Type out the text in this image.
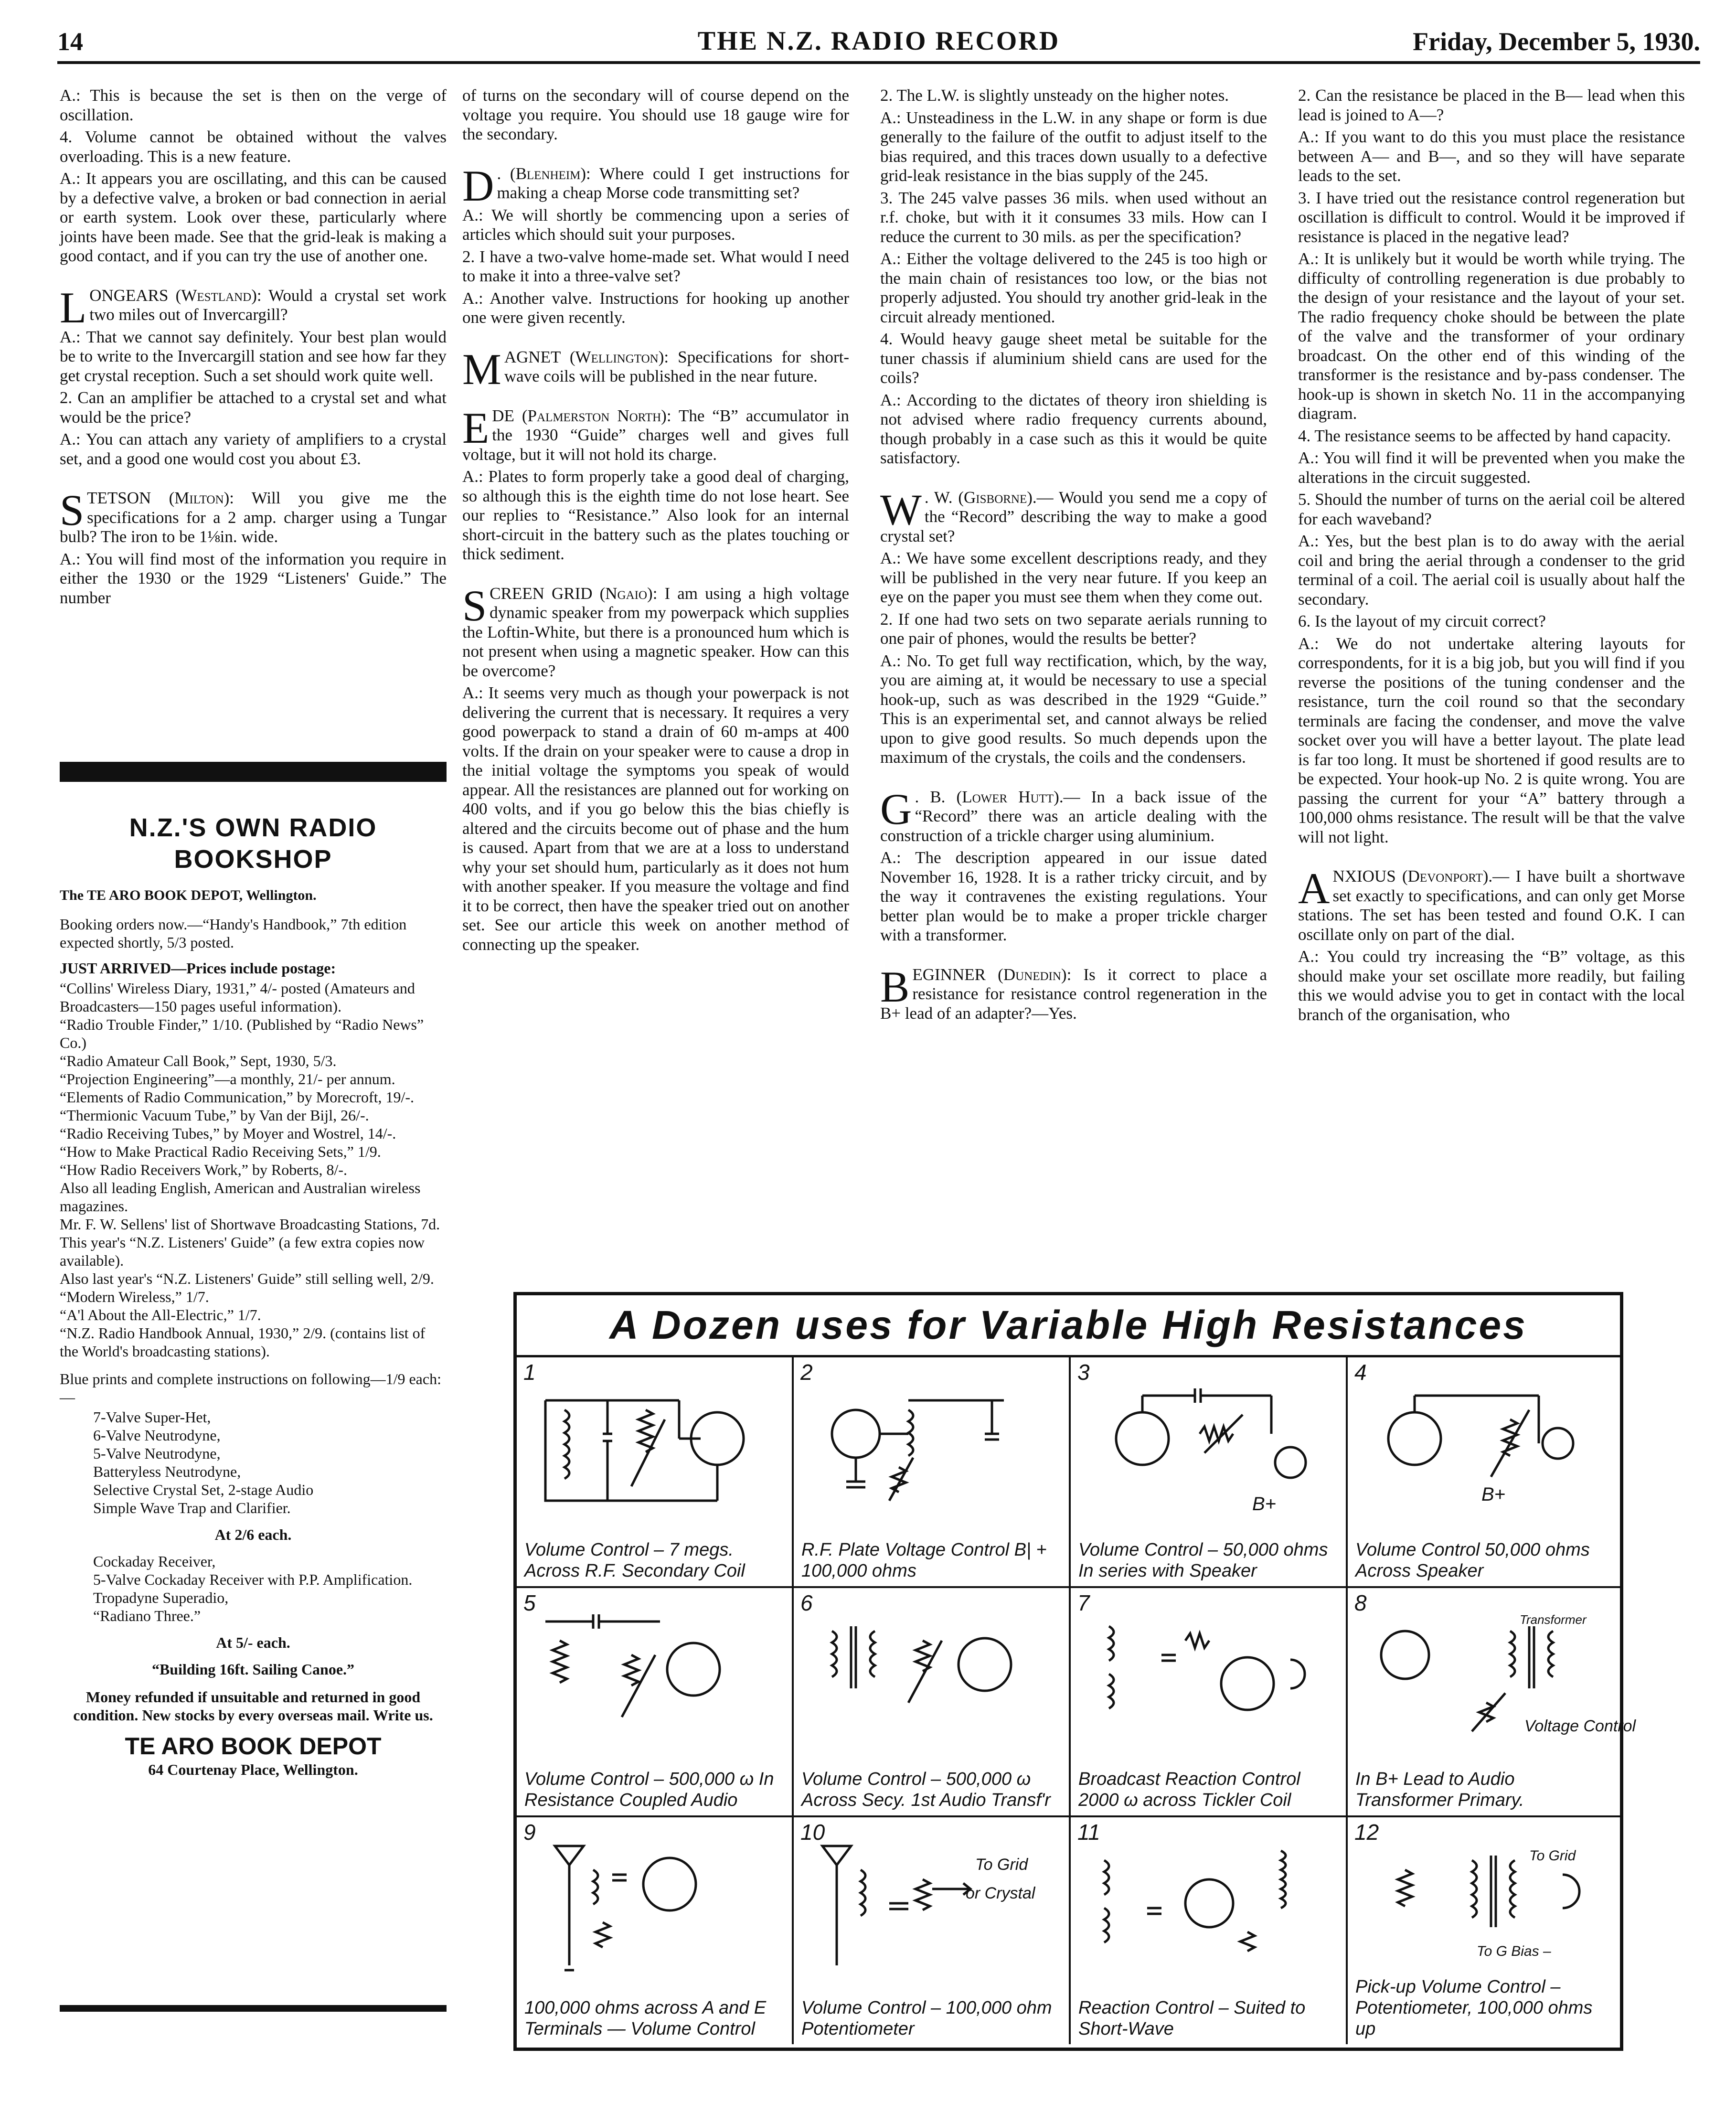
14	THE N.Z. RADIO RECORD	Friday, December 5, 1930.

A.: This is because the set is then on the verge of oscillation.

4. Volume cannot be obtained without the valves overloading. This is a new feature.

A.: It appears you are oscillating, and this can be caused by a defective valve, a broken or bad connection in aerial or earth system. Look over these, particularly where joints have been made. See that the grid-leak is making a good contact, and if you can try the use of another one.

L ONGEARS (Westland): Would a crystal set work two miles out of Invercargill?

A.: That we cannot say definitely. Your best plan would be to write to the Invercargill station and see how far they get crystal reception. Such a set should work quite well.

2. Can an amplifier be attached to a crystal set and what would be the price?

A.: You can attach any variety of amplifiers to a crystal set, and a good one would cost you about £3.

S TETSON (Milton): Will you give me the specifications for a 2 amp. charger using a Tungar bulb? The iron to be 1⅛in. wide.

A.: You will find most of the information you require in either the 1930 or the 1929 “Listeners' Guide.” The number

N.Z.'S OWN RADIO
BOOKSHOP
The TE ARO BOOK DEPOT, Wellington.

Booking orders now.—“Handy's Handbook,” 7th edition expected shortly, 5/3 posted.

JUST ARRIVED—Prices include postage:

“Collins' Wireless Diary, 1931,” 4/- posted (Amateurs and Broadcasters—150 pages useful information).
“Radio Trouble Finder,” 1/10. (Published by “Radio News” Co.)
“Radio Amateur Call Book,” Sept, 1930, 5/3.
“Projection Engineering”—a monthly, 21/- per annum.
“Elements of Radio Communication,” by Morecroft, 19/-.
“Thermionic Vacuum Tube,” by Van der Bijl, 26/-.
“Radio Receiving Tubes,” by Moyer and Wostrel, 14/-.
“How to Make Practical Radio Receiving Sets,” 1/9.
“How Radio Receivers Work,” by Roberts, 8/-.
Also all leading English, American and Australian wireless magazines.
Mr. F. W. Sellens' list of Shortwave Broadcasting Stations, 7d.
This year's “N.Z. Listeners' Guide” (a few extra copies now available).
Also last year's “N.Z. Listeners' Guide” still selling well, 2/9.
“Modern Wireless,” 1/7.
“A'l About the All-Electric,” 1/7.
“N.Z. Radio Handbook Annual, 1930,” 2/9. (contains list of the World's broadcasting stations).

Blue prints and complete instructions on following—1/9 each:—

7-Valve Super-Het,
6-Valve Neutrodyne,
5-Valve Neutrodyne,
Batteryless Neutrodyne,
Selective Crystal Set, 2-stage Audio
Simple Wave Trap and Clarifier.
At 2/6 each.
Cockaday Receiver,
5-Valve Cockaday Receiver with P.P. Amplification.
Tropadyne Superadio,
“Radiano Three.”
At 5/- each.
“Building 16ft. Sailing Canoe.”

Money refunded if unsuitable and returned in good condition. New stocks by every overseas mail. Write us.

TE ARO BOOK DEPOT
64 Courtenay Place, Wellington.

of turns on the secondary will of course depend on the voltage you require. You should use 18 gauge wire for the secondary.

D . (Blenheim): Where could I get instructions for making a cheap Morse code transmitting set?

A.: We will shortly be commencing upon a series of articles which should suit your purposes.

2. I have a two-valve home-made set. What would I need to make it into a three-valve set?

A.: Another valve. Instructions for hooking up another one were given recently.

M AGNET (Wellington): Specifications for short-wave coils will be published in the near future.

E DE (Palmerston North): The “B” accumulator in the 1930 “Guide” charges well and gives full voltage, but it will not hold its charge.

A.: Plates to form properly take a good deal of charging, so although this is the eighth time do not lose heart. See our replies to “Resistance.” Also look for an internal short-circuit in the battery such as the plates touching or thick sediment.

S CREEN GRID (Ngaio): I am using a high voltage dynamic speaker from my powerpack which supplies the Loftin-White, but there is a pronounced hum which is not present when using a magnetic speaker. How can this be overcome?

A.: It seems very much as though your powerpack is not delivering the current that is necessary. It requires a very good powerpack to stand a drain of 60 m-amps at 400 volts. If the drain on your speaker were to cause a drop in the initial voltage the symptoms you speak of would appear. All the resistances are planned out for working on 400 volts, and if you go below this the bias chiefly is altered and the circuits become out of phase and the hum is caused. Apart from that we are at a loss to understand why your set should hum, particularly as it does not hum with another speaker. If you measure the voltage and find it to be correct, then have the speaker tried out on another set. See our article this week on another method of connecting up the speaker.

2. The L.W. is slightly unsteady on the higher notes.

A.: Unsteadiness in the L.W. in any shape or form is due generally to the failure of the outfit to adjust itself to the bias required, and this traces down usually to a defective grid-leak resistance in the bias supply of the 245.

3. The 245 valve passes 36 mils. when used without an r.f. choke, but with it it consumes 33 mils. How can I reduce the current to 30 mils. as per the specification?

A.: Either the voltage delivered to the 245 is too high or the main chain of resistances too low, or the bias not properly adjusted. You should try another grid-leak in the circuit already mentioned.

4. Would heavy gauge sheet metal be suitable for the tuner chassis if aluminium shield cans are used for the coils?

A.: According to the dictates of theory iron shielding is not advised where radio frequency currents abound, though probably in a case such as this it would be quite satisfactory.

W . W. (Gisborne).— Would you send me a copy of the “Record” describing the way to make a good crystal set?

A.: We have some excellent descriptions ready, and they will be published in the very near future. If you keep an eye on the paper you must see them when they come out.

2. If one had two sets on two separate aerials running to one pair of phones, would the results be better?

A.: No. To get full way rectification, which, by the way, you are aiming at, it would be necessary to use a special hook-up, such as was described in the 1929 “Guide.” This is an experimental set, and cannot always be relied upon to give good results. So much depends upon the maximum of the crystals, the coils and the condensers.

G . B. (Lower Hutt).— In a back issue of the “Record” there was an article dealing with the construction of a trickle charger using aluminium.

A.: The description appeared in our issue dated November 16, 1928. It is a rather tricky circuit, and by the way it contravenes the existing regulations. Your better plan would be to make a proper trickle charger with a transformer.

B EGINNER (Dunedin): Is it correct to place a resistance for resistance control regeneration in the B+ lead of an adapter?—Yes.

2. Can the resistance be placed in the B— lead when this lead is joined to A—?

A.: If you want to do this you must place the resistance between A— and B—, and so they will have separate leads to the set.

3. I have tried out the resistance control regeneration but oscillation is difficult to control. Would it be improved if resistance is placed in the negative lead?

A.: It is unlikely but it would be worth while trying. The difficulty of controlling regeneration is due probably to the design of your resistance and the layout of your set. The radio frequency choke should be between the plate of the valve and the transformer of your ordinary broadcast. On the other end of this winding of the transformer is the resistance and by-pass condenser. The hook-up is shown in sketch No. 11 in the accompanying diagram.

4. The resistance seems to be affected by hand capacity.

A.: You will find it will be prevented when you make the alterations in the circuit suggested.

5. Should the number of turns on the aerial coil be altered for each waveband?

A.: Yes, but the best plan is to do away with the aerial coil and bring the aerial through a condenser to the grid terminal of a coil. The aerial coil is usually about half the secondary.

6. Is the layout of my circuit correct?

A.: We do not undertake altering layouts for correspondents, for it is a big job, but you will find if you reverse the positions of the tuning condenser and the resistance, turn the coil round so that the secondary terminals are facing the condenser, and move the valve socket over you will have a better layout. The plate lead is far too long. It must be shortened if good results are to be expected. Your hook-up No. 2 is quite wrong. You are passing the current for your “A” battery through a 100,000 ohms resistance. The result will be that the valve will not light.

A NXIOUS (Devonport).— I have built a shortwave set exactly to specifications, and can only get Morse stations. The set has been tested and found O.K. I can oscillate only on part of the dial.

A.: You could try increasing the “B” voltage, as this should make your set oscillate more readily, but failing this we would advise you to get in contact with the local branch of the organisation, who

A Dozen uses for Variable High Resistances
1
Volume Control – 7 megs. Across R.F. Secondary Coil
2
R.F. Plate Voltage Control B| + 100,000 ohms
3
B+
Volume Control – 50,000 ohms In series with Speaker
4
B+
Volume Control 50,000 ohms Across Speaker
5
Volume Control – 500,000 ω In Resistance Coupled Audio
6
Volume Control – 500,000 ω Across Secy. 1st Audio Transf'r
7
Broadcast Reaction Control 2000 ω across Tickler Coil
8
Transformer
Voltage Control
In B+ Lead to Audio Transformer Primary.
9
100,000 ohms across A and E Terminals — Volume Control
10
To Grid
or Crystal
Volume Control – 100,000 ohm Potentiometer
11
Reaction Control – Suited to Short-Wave
12
To Grid
To G Bias –
Pick-up Volume Control – Potentiometer, 100,000 ohms up
